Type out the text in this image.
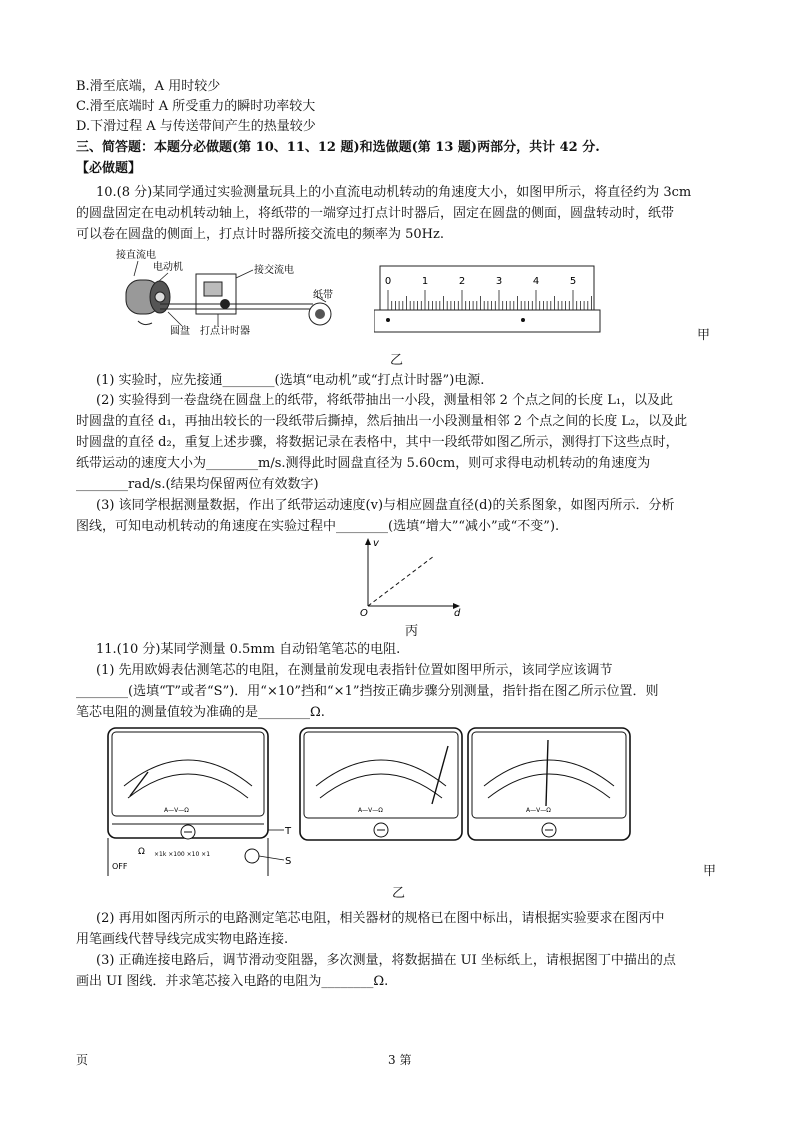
B.滑至底端，A 用时较少
C.滑至底端时 A 所受重力的瞬时功率较大
D.下滑过程 A 与传送带间产生的热量较少
三、简答题：本题分必做题(第 10、11、12 题)和选做题(第 13 题)两部分，共计 42 分.
【必做题】
10.(8 分)某同学通过实验测量玩具上的小直流电动机转动的角速度大小，如图甲所示，将直径约为 3cm
的圆盘固定在电动机转动轴上，将纸带的一端穿过打点计时器后，固定在圆盘的侧面，圆盘转动时，纸带
可以卷在圆盘的侧面上，打点计时器所接交流电的频率为 50Hz.
接直流电
电动机	接交流电
纸带
圆盘 打点计时器
0	1	2	3	4	5
甲
乙
(1) 实验时，应先接通________(选填“电动机”或“打点计时器”)电源.
(2) 实验得到一卷盘绕在圆盘上的纸带，将纸带抽出一小段，测量相邻 2 个点之间的长度 L₁，以及此
时圆盘的直径 d₁，再抽出较长的一段纸带后撕掉，然后抽出一小段测量相邻 2 个点之间的长度 L₂，以及此
时圆盘的直径 d₂，重复上述步骤，将数据记录在表格中，其中一段纸带如图乙所示，测得打下这些点时，
纸带运动的速度大小为________m/s.测得此时圆盘直径为 5.60cm，则可求得电动机转动的角速度为
________rad/s.(结果均保留两位有效数字)
(3) 该同学根据测量数据，作出了纸带运动速度(v)与相应圆盘直径(d)的关系图象，如图丙所示．分析
图线，可知电动机转动的角速度在实验过程中________(选填“增大”“减小”或“不变”).
v
d
O
丙
11.(10 分)某同学测量 0.5mm 自动铅笔笔芯的电阻.
(1) 先用欧姆表估测笔芯的电阻，在测量前发现电表指针位置如图甲所示，该同学应该调节
________(选填“T”或者“S”)．用“×10”挡和“×1”挡按正确步骤分别测量，指针指在图乙所示位置．则
笔芯电阻的测量值较为准确的是________Ω.
A—V—Ω
Ω ×1k ×100 ×10 ×1
OFF
T
S
A—V—Ω	A—V—Ω
甲
乙
(2) 再用如图丙所示的电路测定笔芯电阻，相关器材的规格已在图中标出，请根据实验要求在图丙中
用笔画线代替导线完成实物电路连接.
(3) 正确连接电路后，调节滑动变阻器，多次测量，将数据描在 UI 坐标纸上，请根据图丁中描出的点
画出 UI 图线．并求笔芯接入电路的电阻为________Ω.
页	3 第
